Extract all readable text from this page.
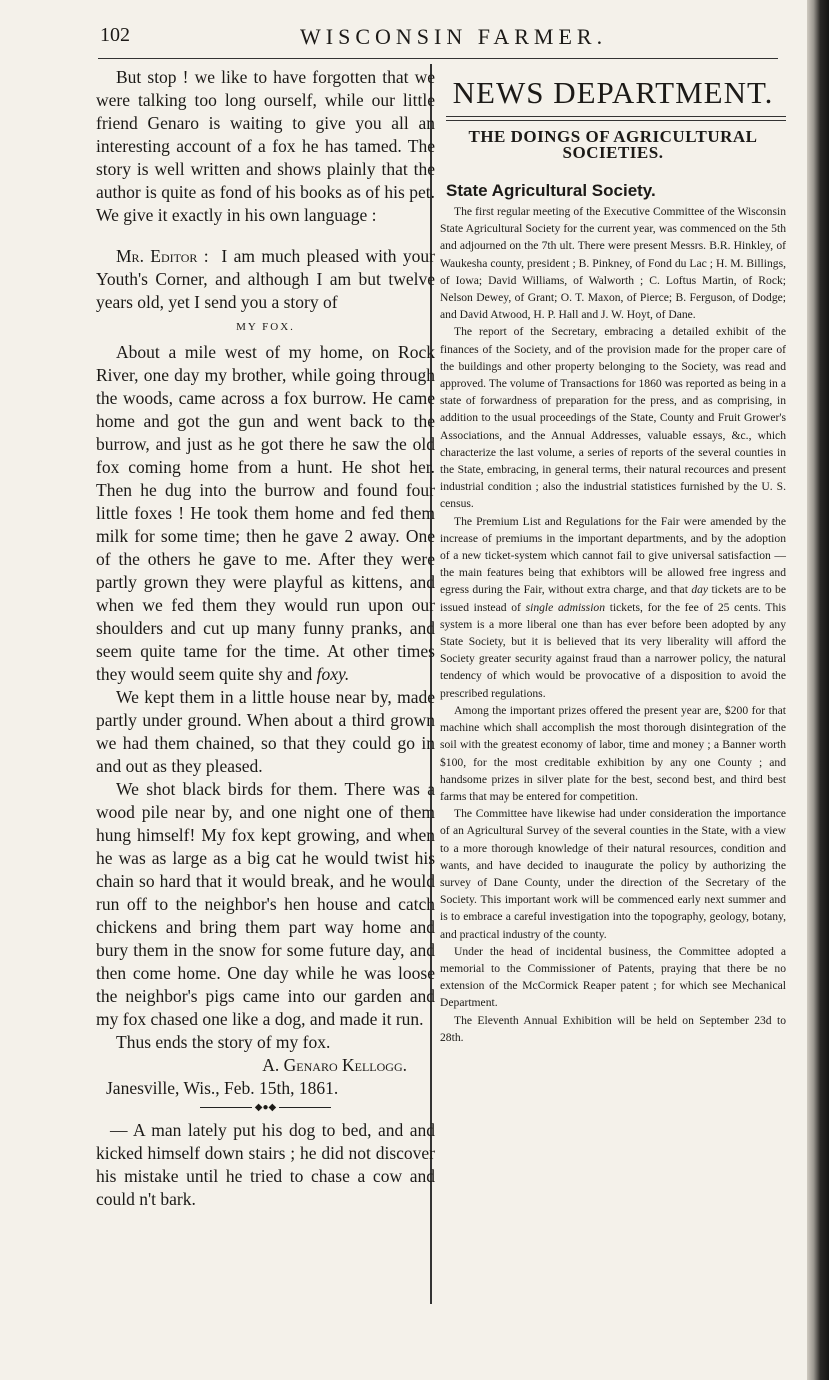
102	WISCONSIN FARMER.

But stop ! we like to have forgotten that we were talking too long ourself, while our little friend Genaro is waiting to give you all an interesting account of a fox he has tamed. The story is well written and shows plainly that the author is quite as fond of his books as of his pet. We give it exactly in his own language :

Mr. Editor : I am much pleased with your Youth's Corner, and although I am but twelve years old, yet I send you a story of

MY FOX.

About a mile west of my home, on Rock River, one day my brother, while going through the woods, came across a fox burrow. He came home and got the gun and went back to the burrow, and just as he got there he saw the old fox coming home from a hunt. He shot her. Then he dug into the burrow and found four little foxes ! He took them home and fed them milk for some time; then he gave 2 away. One of the others he gave to me. After they were partly grown they were playful as kittens, and when we fed them they would run upon our shoulders and cut up many funny pranks, and seem quite tame for the time. At other times they would seem quite shy and foxy.

We kept them in a little house near by, made partly under ground. When about a third grown we had them chained, so that they could go in and out as they pleased.

We shot black birds for them. There was a wood pile near by, and one night one of them hung himself! My fox kept growing, and when he was as large as a big cat he would twist his chain so hard that it would break, and he would run off to the neighbor's hen house and catch chickens and bring them part way home and bury them in the snow for some future day, and then come home. One day while he was loose the neighbor's pigs came into our garden and my fox chased one like a dog, and made it run.

Thus ends the story of my fox.

A. Genaro Kellogg.

Janesville, Wis., Feb. 15th, 1861.

◆●◆

— A man lately put his dog to bed, and and kicked himself down stairs ; he did not discover his mistake until he tried to chase a cow and could n't bark.

NEWS DEPARTMENT.
THE DOINGS OF AGRICULTURAL SOCIETIES.
State Agricultural Society.

The first regular meeting of the Executive Committee of the Wisconsin State Agricultural Society for the current year, was commenced on the 5th and adjourned on the 7th ult. There were present Messrs. B.R. Hinkley, of Waukesha county, president ; B. Pinkney, of Fond du Lac ; H. M. Billings, of Iowa; David Williams, of Walworth ; C. Loftus Martin, of Rock; Nelson Dewey, of Grant; O. T. Maxon, of Pierce; B. Ferguson, of Dodge; and David Atwood, H. P. Hall and J. W. Hoyt, of Dane.

The report of the Secretary, embracing a detailed exhibit of the finances of the Society, and of the provision made for the proper care of the buildings and other property belonging to the Society, was read and approved. The volume of Transactions for 1860 was reported as being in a state of forwardness of preparation for the press, and as comprising, in addition to the usual proceedings of the State, County and Fruit Grower's Associations, and the Annual Addresses, valuable essays, &c., which characterize the last volume, a series of reports of the several counties in the State, embracing, in general terms, their natural recources and present industrial condition ; also the industrial statistices furnished by the U. S. census.

The Premium List and Regulations for the Fair were amended by the increase of premiums in the important departments, and by the adoption of a new ticket-system which cannot fail to give universal satisfaction —the main features being that exhibtors will be allowed free ingress and egress during the Fair, without extra charge, and that day tickets are to be issued instead of single admission tickets, for the fee of 25 cents. This system is a more liberal one than has ever before been adopted by any State Society, but it is believed that its very liberality will afford the Society greater security against fraud than a narrower policy, the natural tendency of which would be provocative of a disposition to avoid the prescribed regulations.

Among the important prizes offered the present year are, $200 for that machine which shall accomplish the most thorough disintegration of the soil with the greatest economy of labor, time and money ; a Banner worth $100, for the most creditable exhibition by any one County ; and handsome prizes in silver plate for the best, second best, and third best farms that may be entered for competition.

The Committee have likewise had under consideration the importance of an Agricultural Survey of the several counties in the State, with a view to a more thorough knowledge of their natural resources, condition and wants, and have decided to inaugurate the policy by authorizing the survey of Dane County, under the direction of the Secretary of the Society. This important work will be commenced early next summer and is to embrace a careful investigation into the topography, geology, botany, and practical industry of the county.

Under the head of incidental business, the Committee adopted a memorial to the Commissioner of Patents, praying that there be no extension of the McCormick Reaper patent ; for which see Mechanical Department.

The Eleventh Annual Exhibition will be held on September 23d to 28th.
